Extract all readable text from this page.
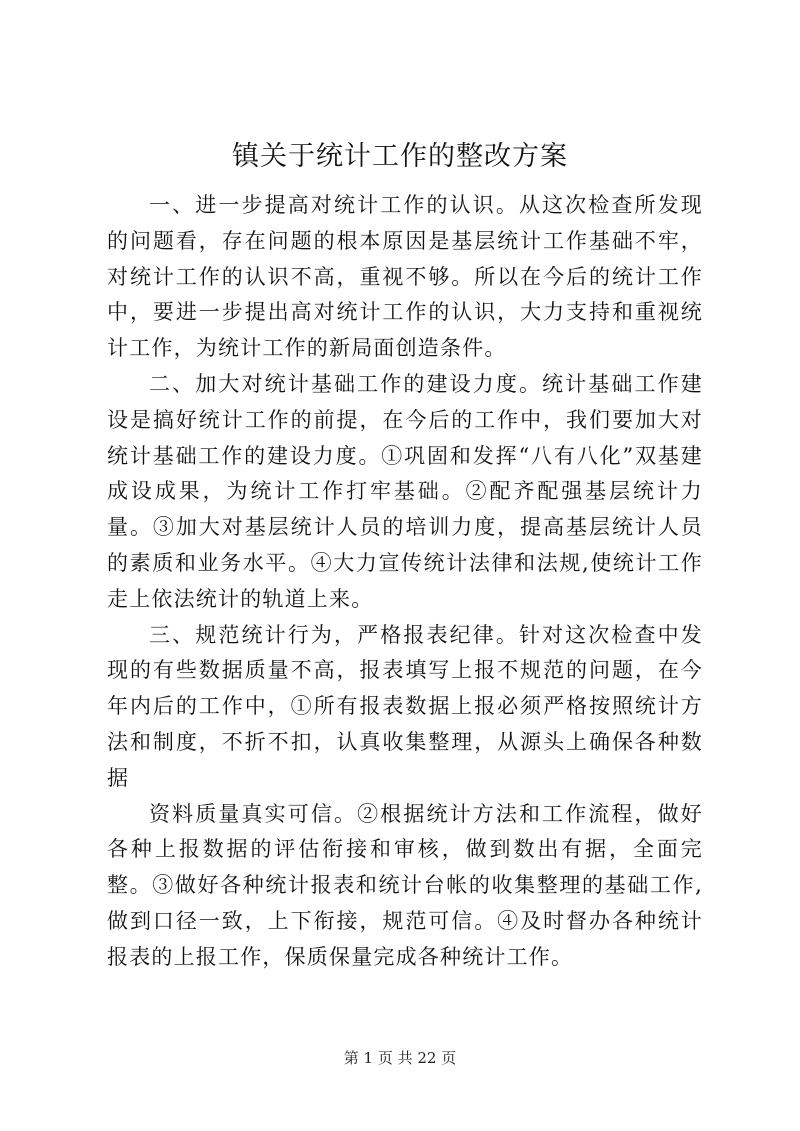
镇关于统计工作的整改方案

一、进一步提高对统计工作的认识。从这次检查所发现的问题看，存在问题的根本原因是基层统计工作基础不牢，对统计工作的认识不高，重视不够。所以在今后的统计工作中，要进一步提出高对统计工作的认识，大力支持和重视统计工作，为统计工作的新局面创造条件。

二、加大对统计基础工作的建设力度。统计基础工作建设是搞好统计工作的前提，在今后的工作中，我们要加大对统计基础工作的建设力度。①巩固和发挥“八有八化”双基建成设成果，为统计工作打牢基础。②配齐配强基层统计力量。③加大对基层统计人员的培训力度，提高基层统计人员的素质和业务水平。④大力宣传统计法律和法规,使统计工作走上依法统计的轨道上来。

三、规范统计行为，严格报表纪律。针对这次检查中发现的有些数据质量不高，报表填写上报不规范的问题，在今年内后的工作中，①所有报表数据上报必须严格按照统计方法和制度，不折不扣，认真收集整理，从源头上确保各种数据

资料质量真实可信。②根据统计方法和工作流程，做好各种上报数据的评估衔接和审核，做到数出有据，全面完整。③做好各种统计报表和统计台帐的收集整理的基础工作,做到口径一致，上下衔接，规范可信。④及时督办各种统计报表的上报工作，保质保量完成各种统计工作。

第 1 页 共 22 页
